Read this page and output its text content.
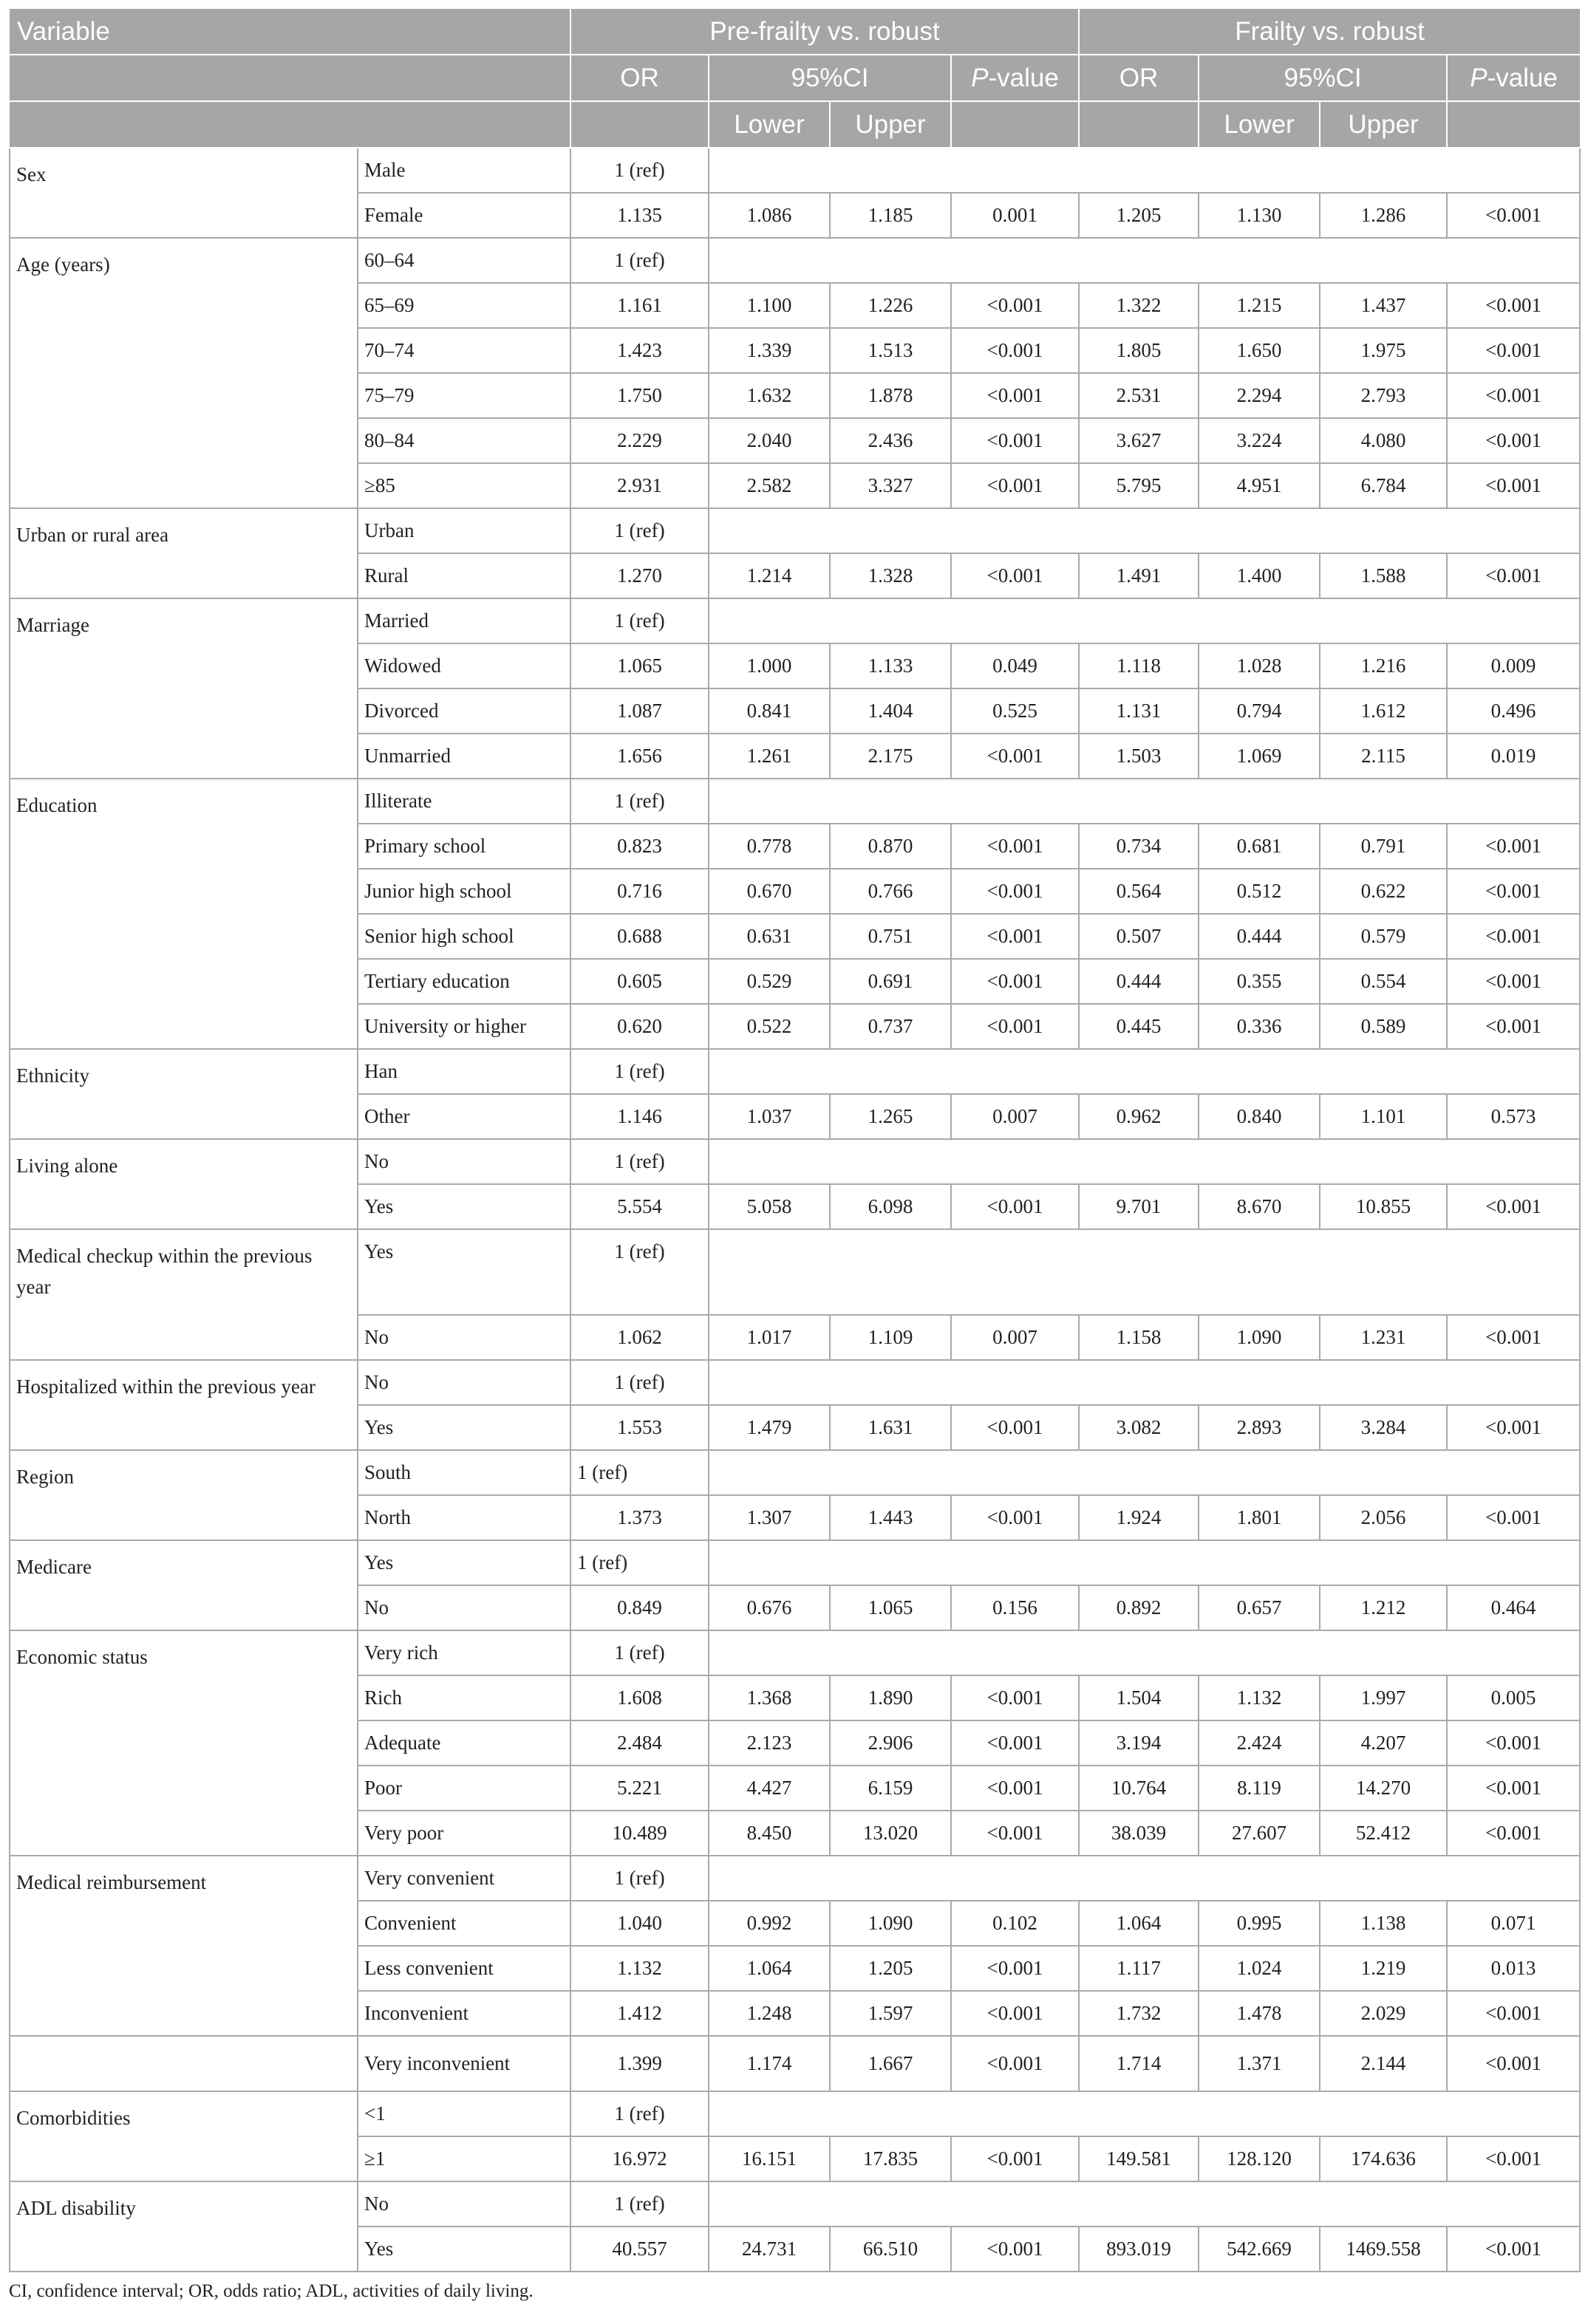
Variable		Pre-frailty vs. robust				Frailty vs. robust			
		OR	95%CI		P-value	OR	95%CI		P-value
			Lower	Upper			Lower	Upper	
Sex	Male	1 (ref)							
	Female	1.135	1.086	1.185	0.001	1.205	1.130	1.286	<0.001
Age (years)	60–64	1 (ref)							
	65–69	1.161	1.100	1.226	<0.001	1.322	1.215	1.437	<0.001
	70–74	1.423	1.339	1.513	<0.001	1.805	1.650	1.975	<0.001
	75–79	1.750	1.632	1.878	<0.001	2.531	2.294	2.793	<0.001
	80–84	2.229	2.040	2.436	<0.001	3.627	3.224	4.080	<0.001
	≥85	2.931	2.582	3.327	<0.001	5.795	4.951	6.784	<0.001
Urban or rural area	Urban	1 (ref)							
	Rural	1.270	1.214	1.328	<0.001	1.491	1.400	1.588	<0.001
Marriage	Married	1 (ref)							
	Widowed	1.065	1.000	1.133	0.049	1.118	1.028	1.216	0.009
	Divorced	1.087	0.841	1.404	0.525	1.131	0.794	1.612	0.496
	Unmarried	1.656	1.261	2.175	<0.001	1.503	1.069	2.115	0.019
Education	Illiterate	1 (ref)							
	Primary school	0.823	0.778	0.870	<0.001	0.734	0.681	0.791	<0.001
	Junior high school	0.716	0.670	0.766	<0.001	0.564	0.512	0.622	<0.001
	Senior high school	0.688	0.631	0.751	<0.001	0.507	0.444	0.579	<0.001
	Tertiary education	0.605	0.529	0.691	<0.001	0.444	0.355	0.554	<0.001
	University or higher	0.620	0.522	0.737	<0.001	0.445	0.336	0.589	<0.001
Ethnicity	Han	1 (ref)							
	Other	1.146	1.037	1.265	0.007	0.962	0.840	1.101	0.573
Living alone	No	1 (ref)							
	Yes	5.554	5.058	6.098	<0.001	9.701	8.670	10.855	<0.001
Medical checkup within the previous year	Yes	1 (ref)							
	No	1.062	1.017	1.109	0.007	1.158	1.090	1.231	<0.001
Hospitalized within the previous year	No	1 (ref)							
	Yes	1.553	1.479	1.631	<0.001	3.082	2.893	3.284	<0.001
Region	South	1 (ref)							
	North	1.373	1.307	1.443	<0.001	1.924	1.801	2.056	<0.001
Medicare	Yes	1 (ref)							
	No	0.849	0.676	1.065	0.156	0.892	0.657	1.212	0.464
Economic status	Very rich	1 (ref)							
	Rich	1.608	1.368	1.890	<0.001	1.504	1.132	1.997	0.005
	Adequate	2.484	2.123	2.906	<0.001	3.194	2.424	4.207	<0.001
	Poor	5.221	4.427	6.159	<0.001	10.764	8.119	14.270	<0.001
	Very poor	10.489	8.450	13.020	<0.001	38.039	27.607	52.412	<0.001
Medical reimbursement	Very convenient	1 (ref)							
	Convenient	1.040	0.992	1.090	0.102	1.064	0.995	1.138	0.071
	Less convenient	1.132	1.064	1.205	<0.001	1.117	1.024	1.219	0.013
	Inconvenient	1.412	1.248	1.597	<0.001	1.732	1.478	2.029	<0.001
	Very inconvenient	1.399	1.174	1.667	<0.001	1.714	1.371	2.144	<0.001
Comorbidities	<1	1 (ref)							
	≥1	16.972	16.151	17.835	<0.001	149.581	128.120	174.636	<0.001
ADL disability	No	1 (ref)							
	Yes	40.557	24.731	66.510	<0.001	893.019	542.669	1469.558	<0.001
CI, confidence interval; OR, odds ratio; ADL, activities of daily living.
